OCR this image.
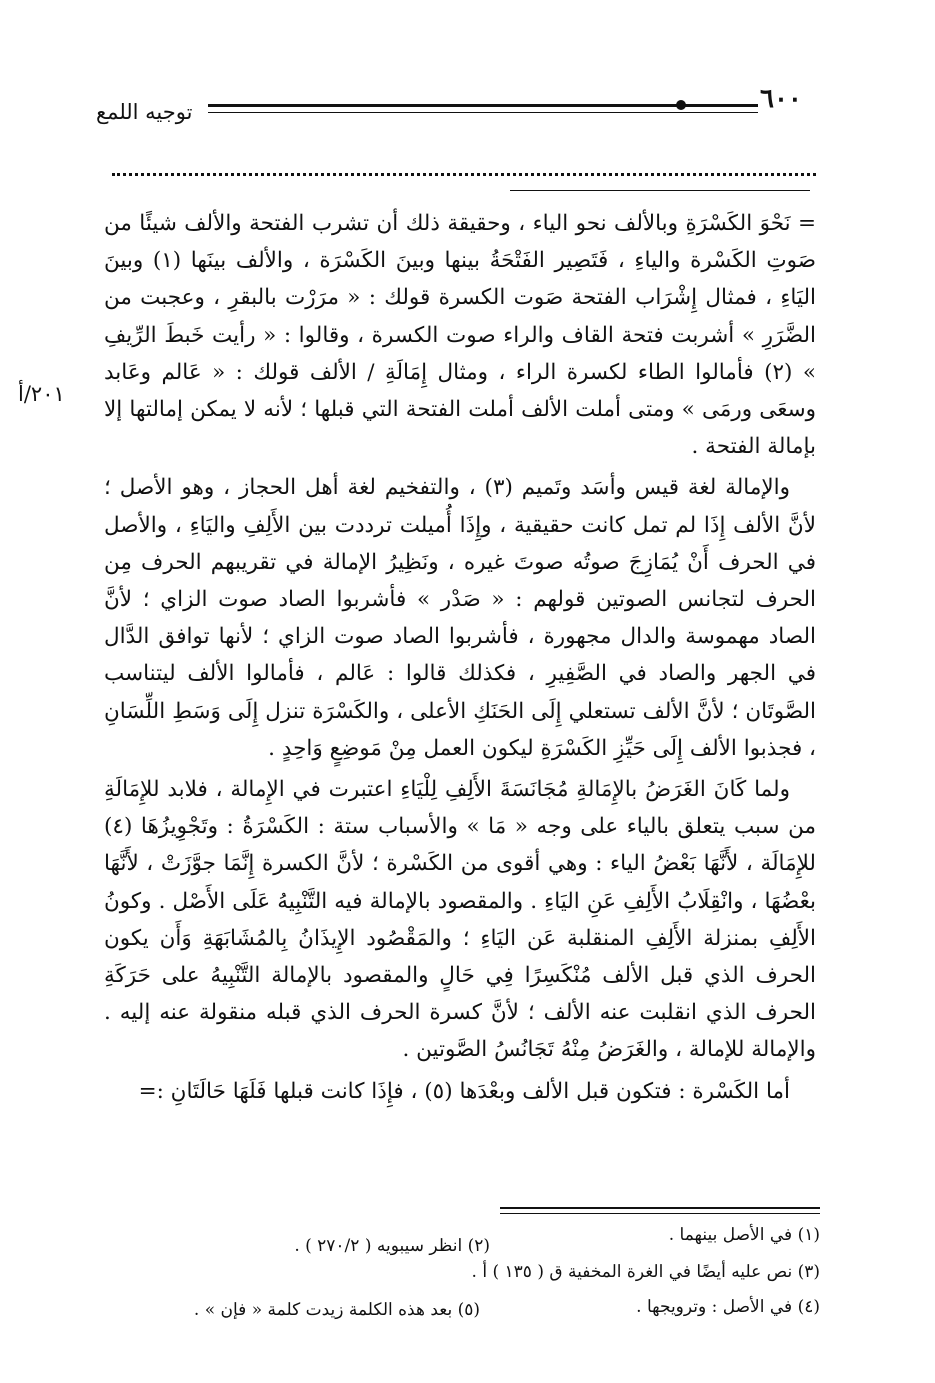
٦٠٠
توجيه اللمع
٢٠١/أ

= نَحْوَ الكَسْرَةِ وبالألف نحو الياء ، وحقيقة ذلك أن تشرب الفتحة والألف شيئًا من صَوتِ الكَسْرة والياءِ ، فَتَصِير الفَتْحَةُ بينها وبينَ الكَسْرَة ، والألف بينَها (١) وبينَ اليَاءِ ، فمثال إِشْرَاب الفتحة صَوت الكسرة قولك : « مرَرْت بالبقرِ ، وعجبت من الضَّرَرِ » أشربت فتحة القاف والراء صوت الكسرة ، وقالوا : « رأيت خَبطَ الرِّيفِ » (٢) فأمالوا الطاء لكسرة الراء ، ومثال إِمَالَةِ / الألف قولك : « عَالم وعَابد وسعَى ورمَى » ومتى أملت الألف أملت الفتحة التي قبلها ؛ لأنه لا يمكن إمالتها إلا بإمالة الفتحة .

والإمالة لغة قيس وأسَد وتَميم (٣) ، والتفخيم لغة أهل الحجاز ، وهو الأصل ؛ لأنَّ الألف إِذَا لم تمل كانت حقيقية ، وإِذَا أُميلت ترددت بين الأَلِفِ واليَاءِ ، والأصل في الحرف أَنْ يُمَازِجَ صوتُه صوتَ غيره ، ونَظِيرُ الإمالة في تقريبهم الحرف مِن الحرف لتجانس الصوتين قولهم : « صَدْر » فأشربوا الصاد صوت الزاي ؛ لأنَّ الصاد مهموسة والدال مجهورة ، فأشربوا الصاد صوت الزاي ؛ لأنها توافق الدَّال في الجهر والصاد في الصَّفِيرِ ، فكذلك قالوا : عَالم ، فأمالوا الألف ليتناسب الصَّوتَان ؛ لأنَّ الألف تستعلي إِلَى الحَنَكِ الأعلى ، والكَسْرَة تنزل إِلَى وَسَطِ اللِّسَانِ ، فجذبوا الألف إِلَى حَيِّزِ الكَسْرَةِ ليكون العمل مِنْ مَوضِعٍ وَاحِدٍ .

ولما كَانَ الغَرَضُ بالإِمَالةِ مُجَانَسَةَ الأَلِفِ لِلْيَاءِ اعتبرت في الإِمالة ، فلابد للإِمَالَةِ من سبب يتعلق بالياء على وجه « مَا » والأسباب ستة : الكَسْرَةُ : وتَجْوِيزُهَا (٤) للإِمَالَة ، لأَنَّهَا بَعْضُ الياء : وهي أقوى من الكَسْرة ؛ لأنَّ الكسرة إِنَّمَا جوَّزَتْ ، لأَنَّهَا بعْضُهَا ، وانْقِلَابُ الأَلِفِ عَنِ اليَاءِ . والمقصود بالإمالة فيه التَّنْبِيهُ عَلَى الأَصْل . وكونُ الأَلِفِ بمنزلة الأَلِفِ المنقلبة عَن اليَاءِ ؛ والمَقْصُود الإِيذَانُ بِالمُشَابَهَةِ وَأَن يكون الحرف الذي قبل الألف مُنْكَسِرًا فِي حَالٍ والمقصود بالإمالة التَّنْبِيهُ على حَرَكَةِ الحرف الذي انقلبت عنه الألف ؛ لأنَّ كسرة الحرف الذي قبله منقولة عنه إليه . والإمالة للإمالة ، والغَرَضُ مِنْهُ تَجَانُسُ الصَّوتين .

أما الكَسْرة : فتكون قبل الألف وبعْدَها (٥) ، فإِذَا كانت قبلها فَلَهَا حَالَتَانِ :=

(١) في الأصل بينهما .
(٢) انظر سيبويه ( ٢٧٠/٢ ) .
(٣) نص عليه أيضًا في الغرة المخفية ق ( ١٣٥ ) أ .
(٤) في الأصل : وترويجها .
(٥) بعد هذه الكلمة زيدت كلمة « فإن » .
